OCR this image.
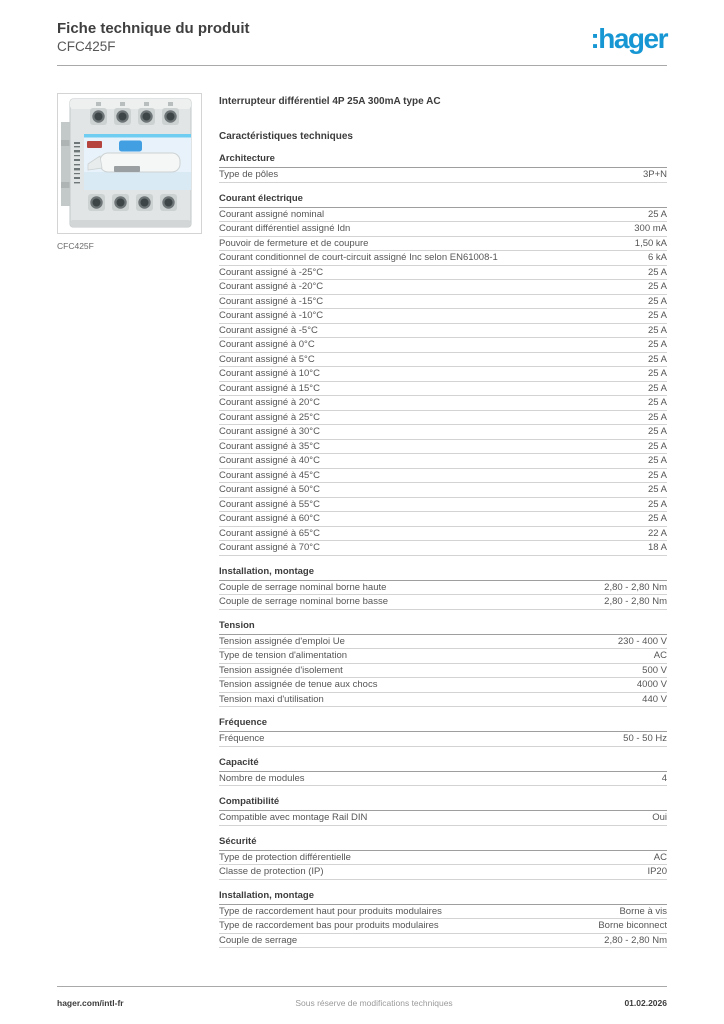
Fiche technique du produit
CFC425F	:hager
CFC425F
Interrupteur différentiel 4P 25A 300mA type AC
Caractéristiques techniques
Architecture
Type de pôles	3P+N
Courant électrique
Courant assigné nominal	25 A
Courant différentiel assigné Idn	300 mA
Pouvoir de fermeture et de coupure	1,50 kA
Courant conditionnel de court-circuit assigné Inc selon EN61008-1	6 kA
Courant assigné à -25°C	25 A
Courant assigné à -20°C	25 A
Courant assigné à -15°C	25 A
Courant assigné à -10°C	25 A
Courant assigné à -5°C	25 A
Courant assigné à 0°C	25 A
Courant assigné à 5°C	25 A
Courant assigné à 10°C	25 A
Courant assigné à 15°C	25 A
Courant assigné à 20°C	25 A
Courant assigné à 25°C	25 A
Courant assigné à 30°C	25 A
Courant assigné à 35°C	25 A
Courant assigné à 40°C	25 A
Courant assigné à 45°C	25 A
Courant assigné à 50°C	25 A
Courant assigné à 55°C	25 A
Courant assigné à 60°C	25 A
Courant assigné à 65°C	22 A
Courant assigné à 70°C	18 A
Installation, montage
Couple de serrage nominal borne haute	2,80 - 2,80 Nm
Couple de serrage nominal borne basse	2,80 - 2,80 Nm
Tension
Tension assignée d'emploi Ue	230 - 400 V
Type de tension d'alimentation	AC
Tension assignée d'isolement	500 V
Tension assignée de tenue aux chocs	4000 V
Tension maxi d'utilisation	440 V
Fréquence
Fréquence	50 - 50 Hz
Capacité
Nombre de modules	4
Compatibilité
Compatible avec montage Rail DIN	Oui
Sécurité
Type de protection différentielle	AC
Classe de protection (IP)	IP20
Installation, montage
Type de raccordement haut pour produits modulaires	Borne à vis
Type de raccordement bas pour produits modulaires	Borne biconnect
Couple de serrage	2,80 - 2,80 Nm
hager.com/intl-fr	Sous réserve de modifications techniques	01.02.2026
